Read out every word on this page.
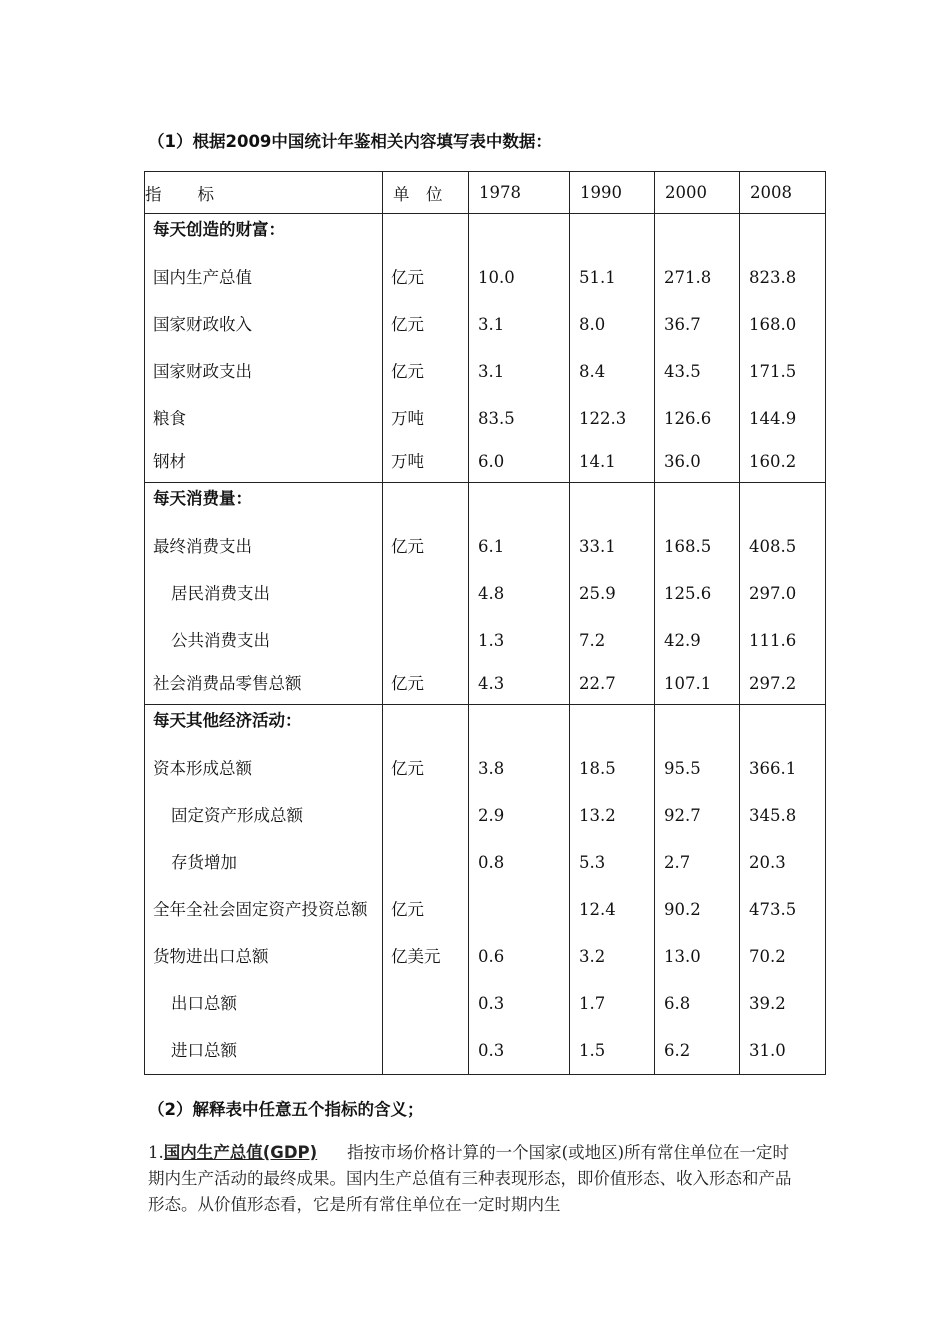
（1）根据2009中国统计年鉴相关内容填写表中数据：
指　　标	单　位	1978	1990	2000	2008

每天创造的财富：					

国内生产总值	亿元	10.0	51.1	271.8	823.8

国家财政收入	亿元	3.1	8.0	36.7	168.0

国家财政支出	亿元	3.1	8.4	43.5	171.5

粮食	万吨	83.5	122.3	126.6	144.9

钢材	万吨	6.0	14.1	36.0	160.2

每天消费量：					

最终消费支出	亿元	6.1	33.1	168.5	408.5

居民消费支出		4.8	25.9	125.6	297.0

公共消费支出		1.3	7.2	42.9	111.6

社会消费品零售总额	亿元	4.3	22.7	107.1	297.2

每天其他经济活动：					

资本形成总额	亿元	3.8	18.5	95.5	366.1

固定资产形成总额		2.9	13.2	92.7	345.8

存货增加		0.8	5.3	2.7	20.3

全年全社会固定资产投资总额	亿元		12.4	90.2	473.5

货物进出口总额	亿美元	0.6	3.2	13.0	70.2

出口总额		0.3	1.7	6.8	39.2

进口总额		0.3	1.5	6.2	31.0
（2）解释表中任意五个指标的含义；
1.国内生产总值(GDP) 指按市场价格计算的一个国家(或地区)所有常住单位在一定时期内生产活动的最终成果。国内生产总值有三种表现形态，即价值形态、收入形态和产品形态。从价值形态看，它是所有常住单位在一定时期内生
